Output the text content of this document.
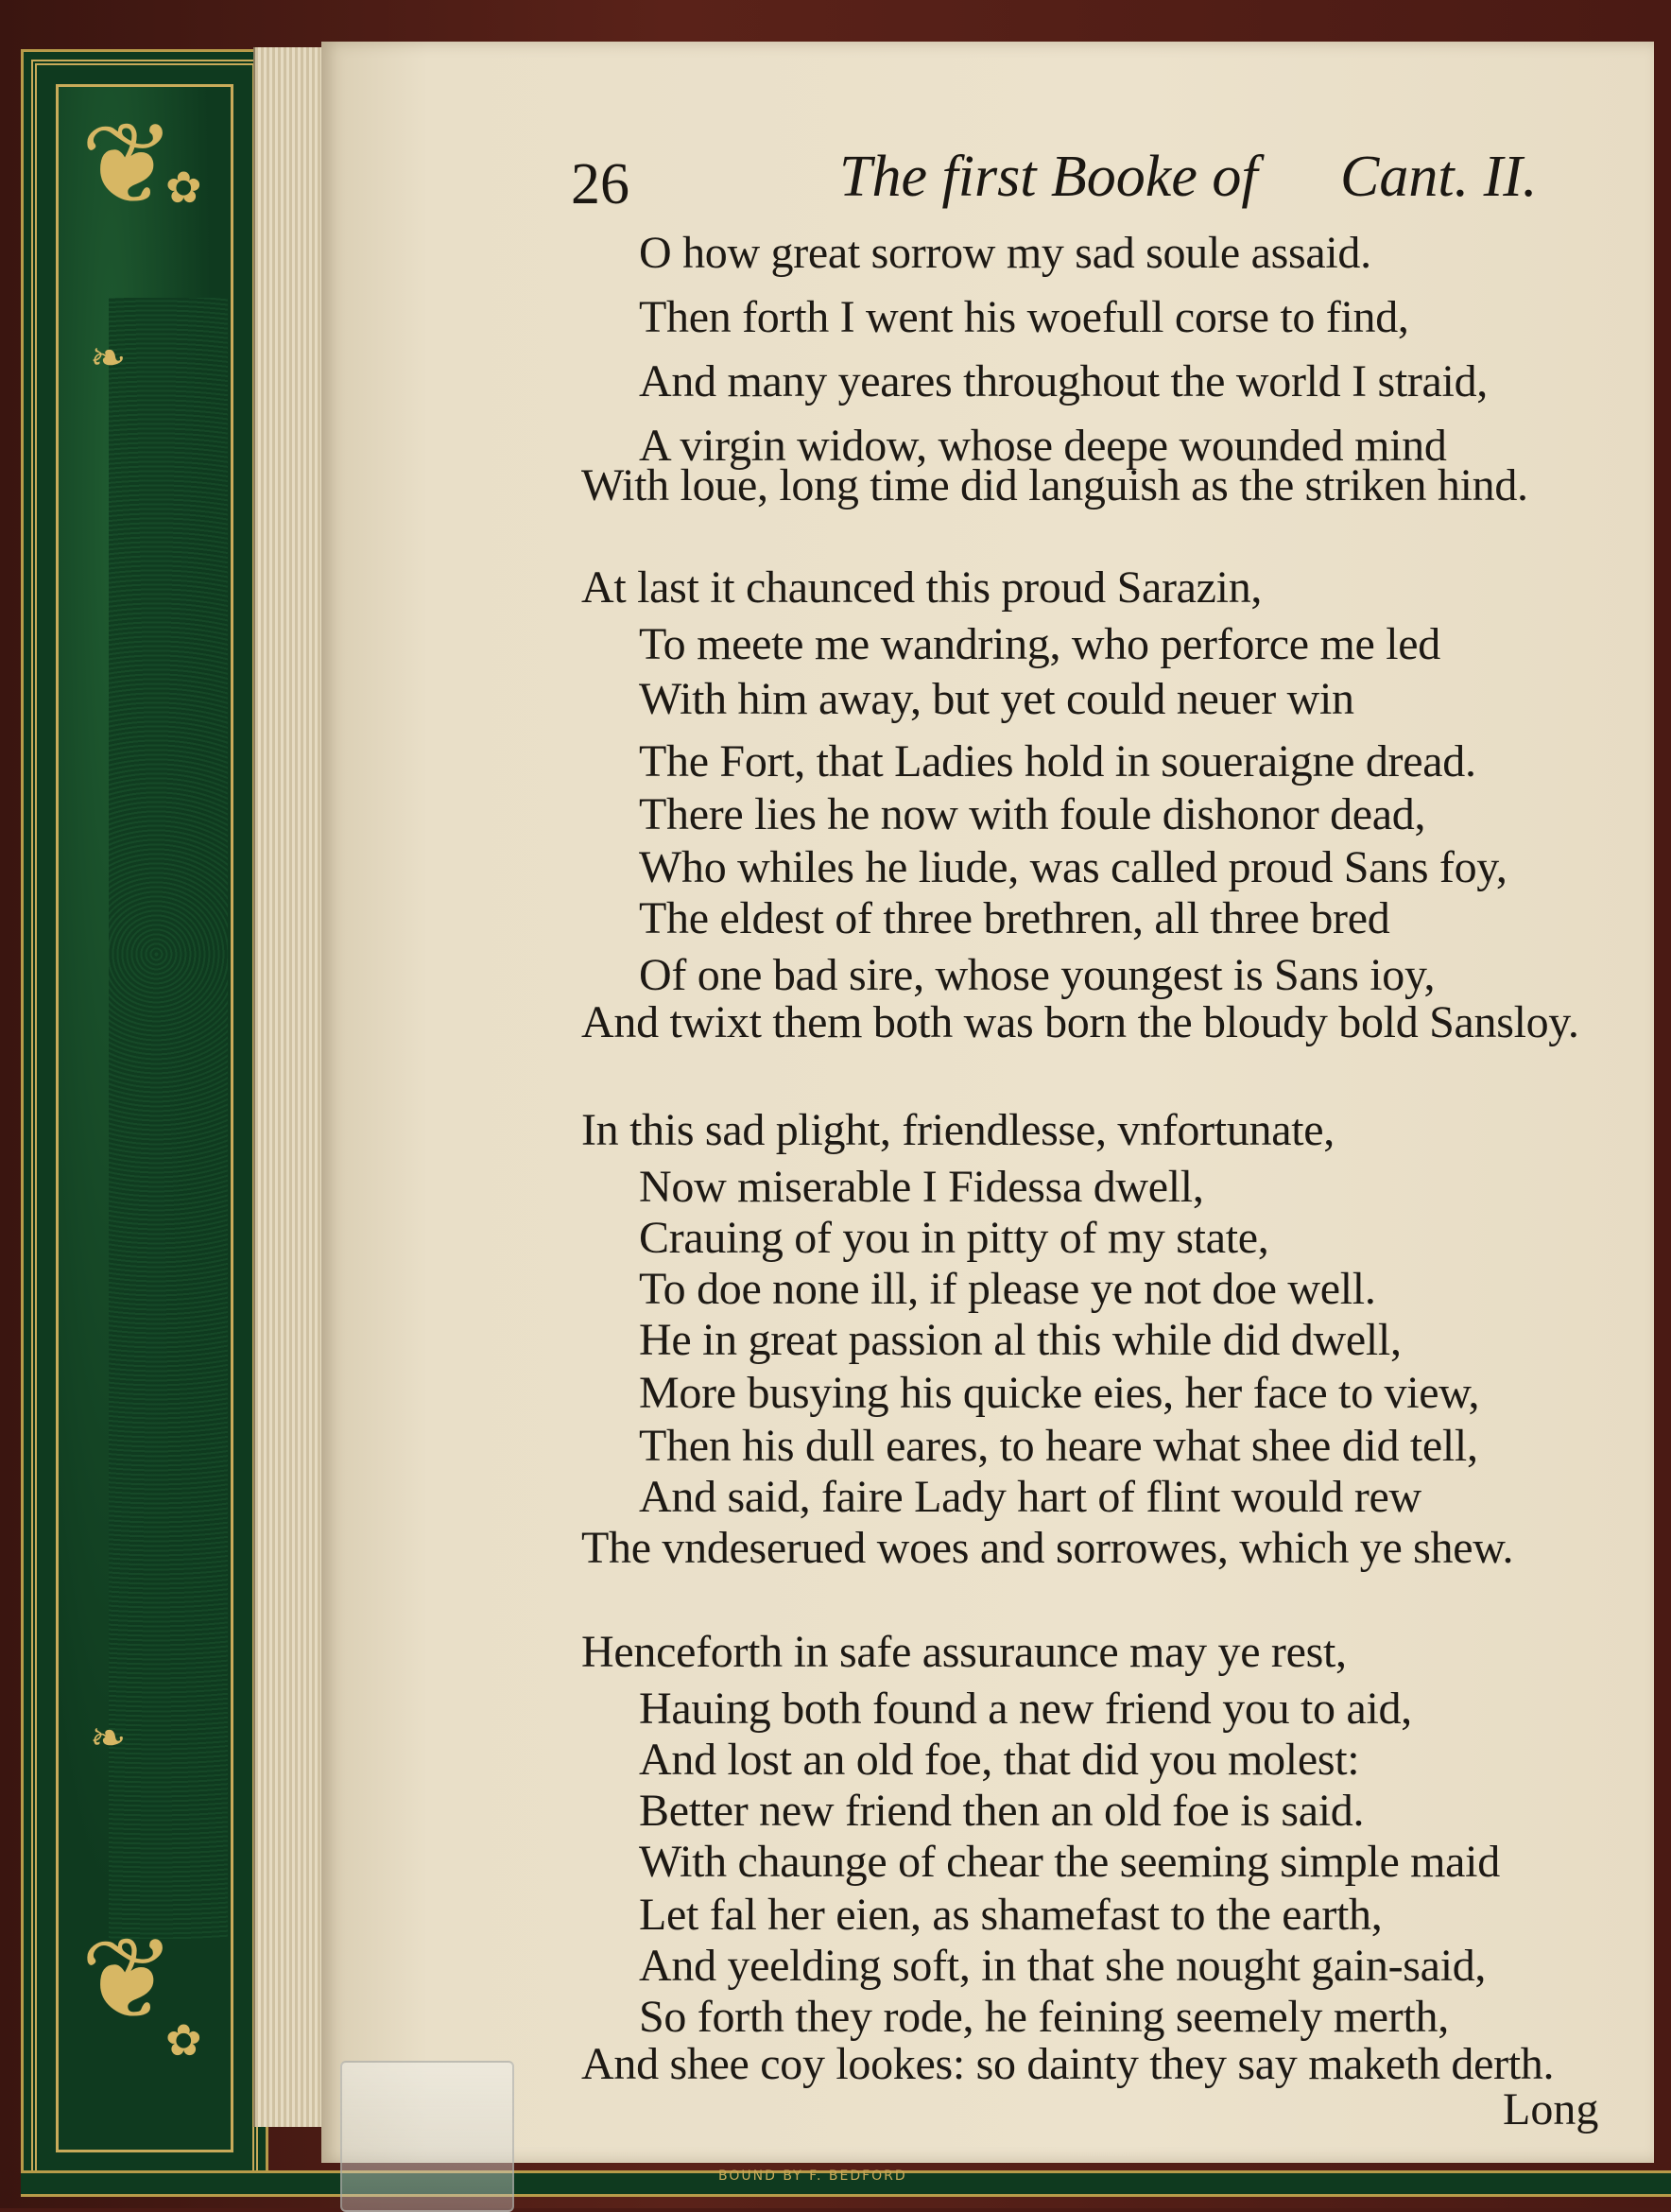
❦
✿
❧
❦
✿
❧
26	The first Booke of Cant. II.
O how great sorrow my sad soule assaid.
Then forth I went his woefull corse to find,
And many yeares throughout the world I straid,
A virgin widow, whose deepe wounded mind
With loue, long time did languish as the striken hind.
At last it chaunced this proud Sarazin,
To meete me wandring, who perforce me led
With him away, but yet could neuer win
The Fort, that Ladies hold in soueraigne dread.
There lies he now with foule dishonor dead,
Who whiles he liude, was called proud Sans foy,
The eldest of three brethren, all three bred
Of one bad sire, whose youngest is Sans ioy,
And twixt them both was born the bloudy bold Sansloy.
In this sad plight, friendlesse, vnfortunate,
Now miserable I Fidessa dwell,
Crauing of you in pitty of my state,
To doe none ill, if please ye not doe well.
He in great passion al this while did dwell,
More busying his quicke eies, her face to view,
Then his dull eares, to heare what shee did tell,
And said, faire Lady hart of flint would rew
The vndeserued woes and sorrowes, which ye shew.
Henceforth in safe assuraunce may ye rest,
Hauing both found a new friend you to aid,
And lost an old foe, that did you molest:
Better new friend then an old foe is said.
With chaunge of chear the seeming simple maid
Let fal her eien, as shamefast to the earth,
And yeelding soft, in that she nought gain-said,
So forth they rode, he feining seemely merth,
And shee coy lookes: so dainty they say maketh derth.
Long
BOUND BY F. BEDFORD
